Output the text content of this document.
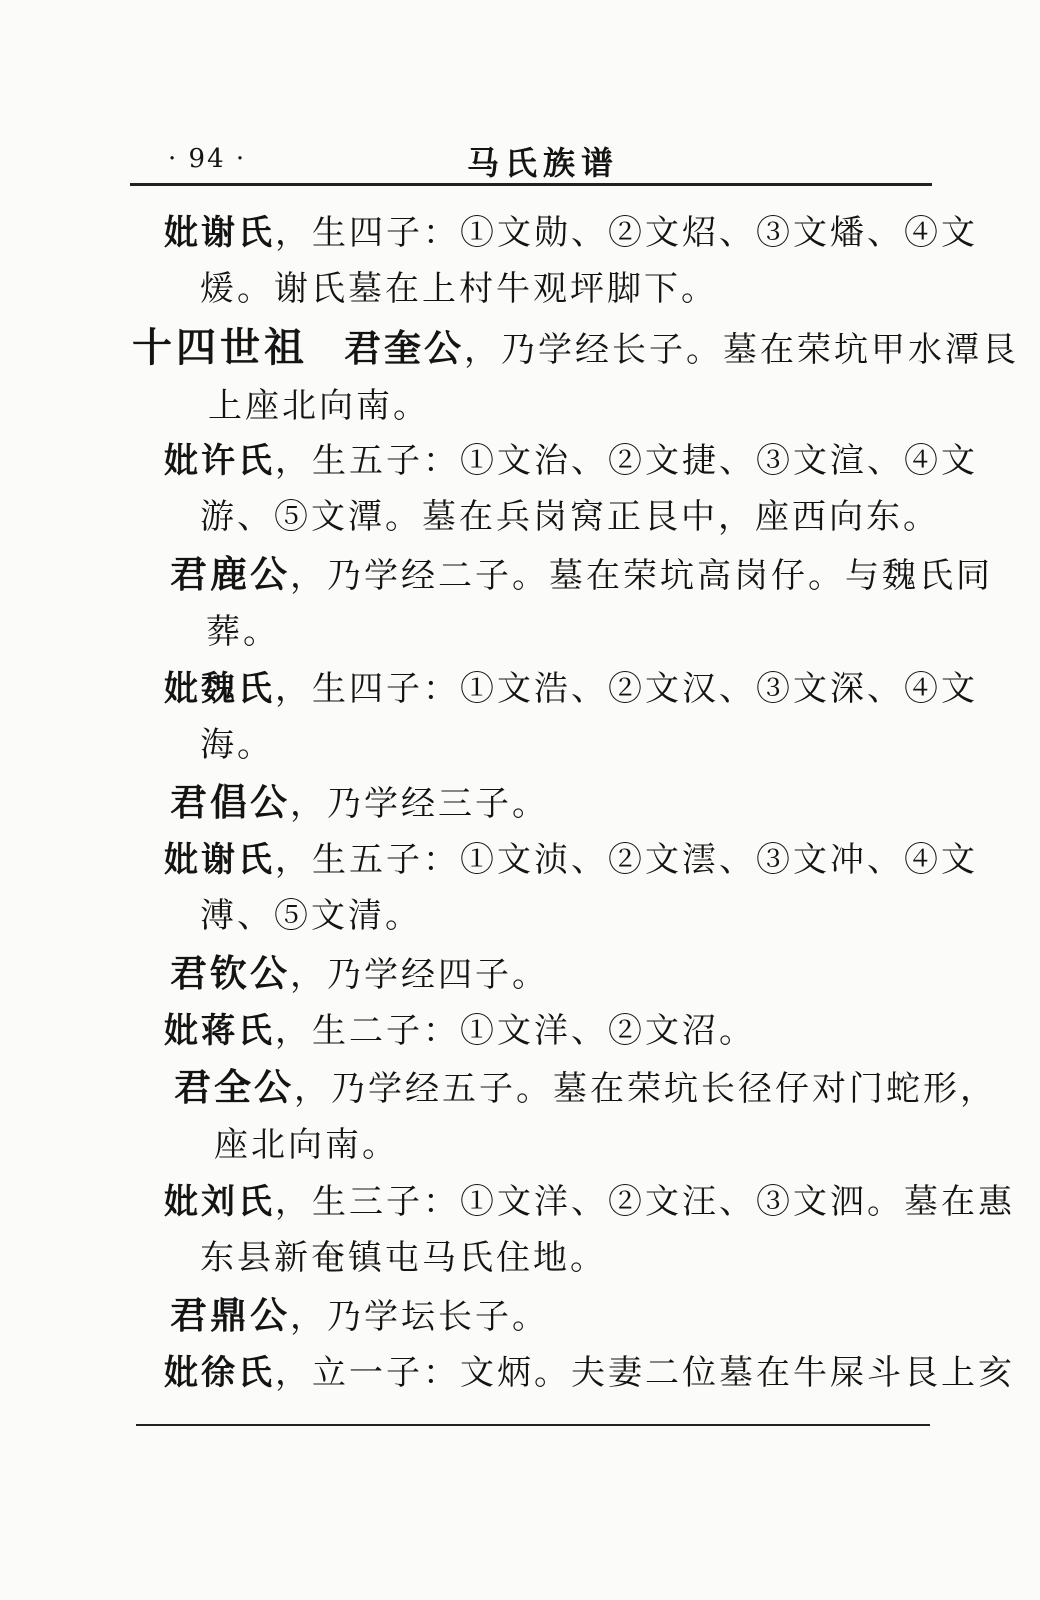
· 94 ·	马氏族谱
妣谢氏，生四子：①文勋、②文炤、③文燔、④文
煖。谢氏墓在上村牛观坪脚下。
十四世祖 君奎公，乃学经长子。墓在荣坑甲水潭艮
上座北向南。
妣许氏，生五子：①文治、②文捷、③文渲、④文
游、⑤文潭。墓在兵岗窝正艮中，座西向东。
君鹿公，乃学经二子。墓在荣坑高岗仔。与魏氏同
葬。
妣魏氏，生四子：①文浩、②文汉、③文深、④文
海。
君倡公，乃学经三子。
妣谢氏，生五子：①文浈、②文澐、③文冲、④文
溥、⑤文清。
君钦公，乃学经四子。
妣蒋氏，生二子：①文洋、②文沼。
君全公，乃学经五子。墓在荣坑长径仔对门蛇形，
座北向南。
妣刘氏，生三子：①文洋、②文汪、③文泗。墓在惠
东县新奄镇屯马氏住地。
君鼎公，乃学坛长子。
妣徐氏，立一子：文炳。夫妻二位墓在牛屎斗艮上亥
